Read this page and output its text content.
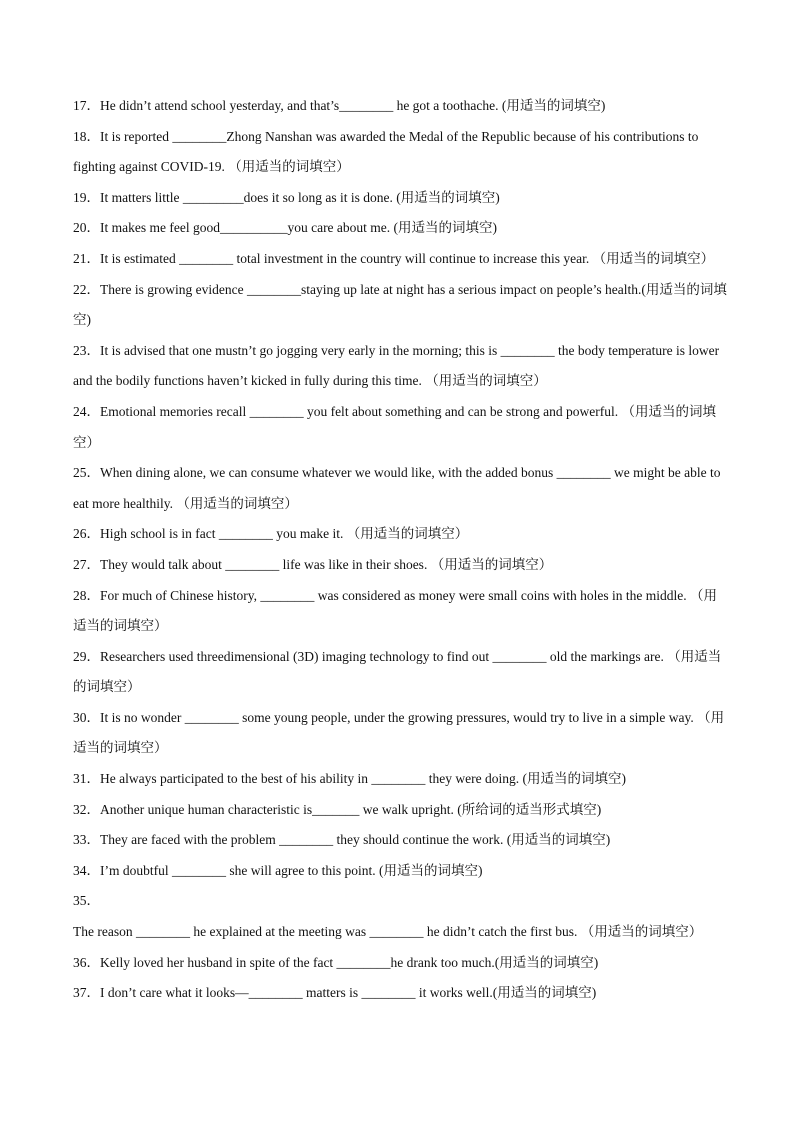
17．He didn’t attend school yesterday, and that’s________ he got a toothache. (用适当的词填空)

18．It is reported ________Zhong Nanshan was awarded the Medal of the Republic because of his contributions to fighting against COVID-19. （用适当的词填空）

19．It matters little _________does it so long as it is done. (用适当的词填空)

20．It makes me feel good__________you care about me. (用适当的词填空)

21．It is estimated ________ total investment in the country will continue to increase this year. （用适当的词填空）

22．There is growing evidence ________staying up late at night has a serious impact on people’s health.(用适当的词填空)

23．It is advised that one mustn’t go jogging very early in the morning; this is ________ the body temperature is lower and the bodily functions haven’t kicked in fully during this time. （用适当的词填空）

24．Emotional memories recall ________ you felt about something and can be strong and powerful. （用适当的词填空）

25．When dining alone, we can consume whatever we would like, with the added bonus ________ we might be able to eat more healthily. （用适当的词填空）

26．High school is in fact ________ you make it. （用适当的词填空）

27．They would talk about ________ life was like in their shoes. （用适当的词填空）

28．For much of Chinese history, ________ was considered as money were small coins with holes in the middle. （用适当的词填空）

29．Researchers used threedimensional (3D) imaging technology to find out ________ old the markings are. （用适当的词填空）

30．It is no wonder ________ some young people, under the growing pressures, would try to live in a simple way. （用适当的词填空）

31．He always participated to the best of his ability in ________ they were doing. (用适当的词填空)

32．Another unique human characteristic is_______ we walk upright. (所给词的适当形式填空)

33．They are faced with the problem ________ they should continue the work. (用适当的词填空)

34．I’m doubtful ________ she will agree to this point. (用适当的词填空)

35．The reason ________ he explained at the meeting was ________ he didn’t catch the first bus. （用适当的词填空）

36．Kelly loved her husband in spite of the fact ________he drank too much.(用适当的词填空)

37．I don’t care what it looks—________ matters is ________ it works well.(用适当的词填空)
